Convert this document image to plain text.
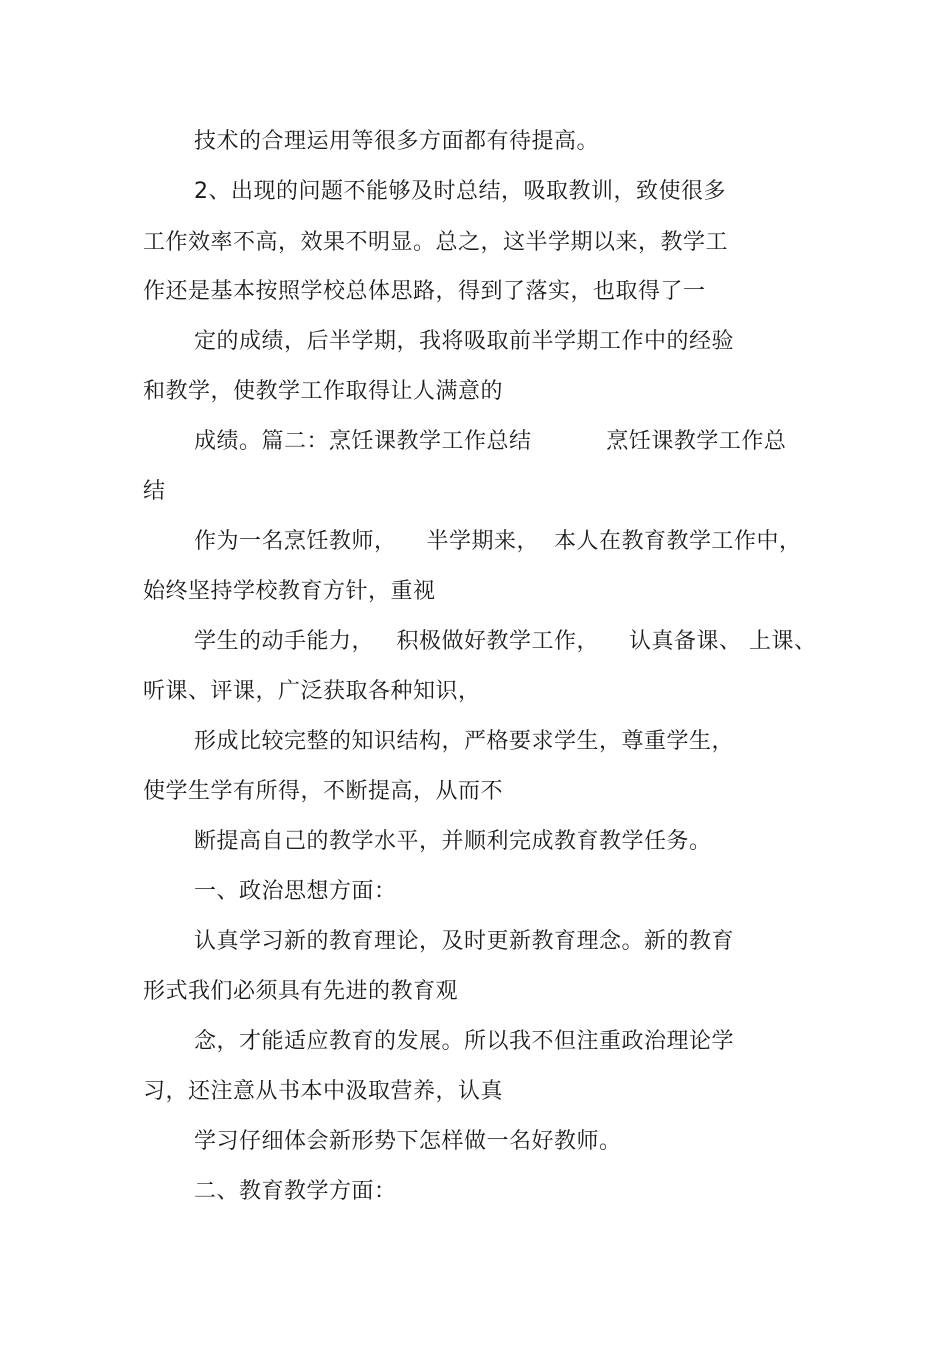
技术的合理运用等很多方面都有待提高。
2、出现的问题不能够及时总结，吸取教训，致使很多
工作效率不高，效果不明显。总之，这半学期以来，教学工
作还是基本按照学校总体思路，得到了落实，也取得了一
定的成绩，后半学期，我将吸取前半学期工作中的经验
和教学，使教学工作取得让人满意的
成绩。篇二：烹饪课教学工作总结          烹饪课教学工作总
结
作为一名烹饪教师，    半学期来，  本人在教育教学工作中，
始终坚持学校教育方针，重视
学生的动手能力，   积极做好教学工作，    认真备课、 上课、
听课、评课，广泛获取各种知识，
形成比较完整的知识结构，严格要求学生，尊重学生，
使学生学有所得，不断提高，从而不
断提高自己的教学水平，并顺利完成教育教学任务。
一、政治思想方面：
认真学习新的教育理论，及时更新教育理念。新的教育
形式我们必须具有先进的教育观
念，才能适应教育的发展。所以我不但注重政治理论学
习，还注意从书本中汲取营养，认真
学习仔细体会新形势下怎样做一名好教师。
二、教育教学方面：
